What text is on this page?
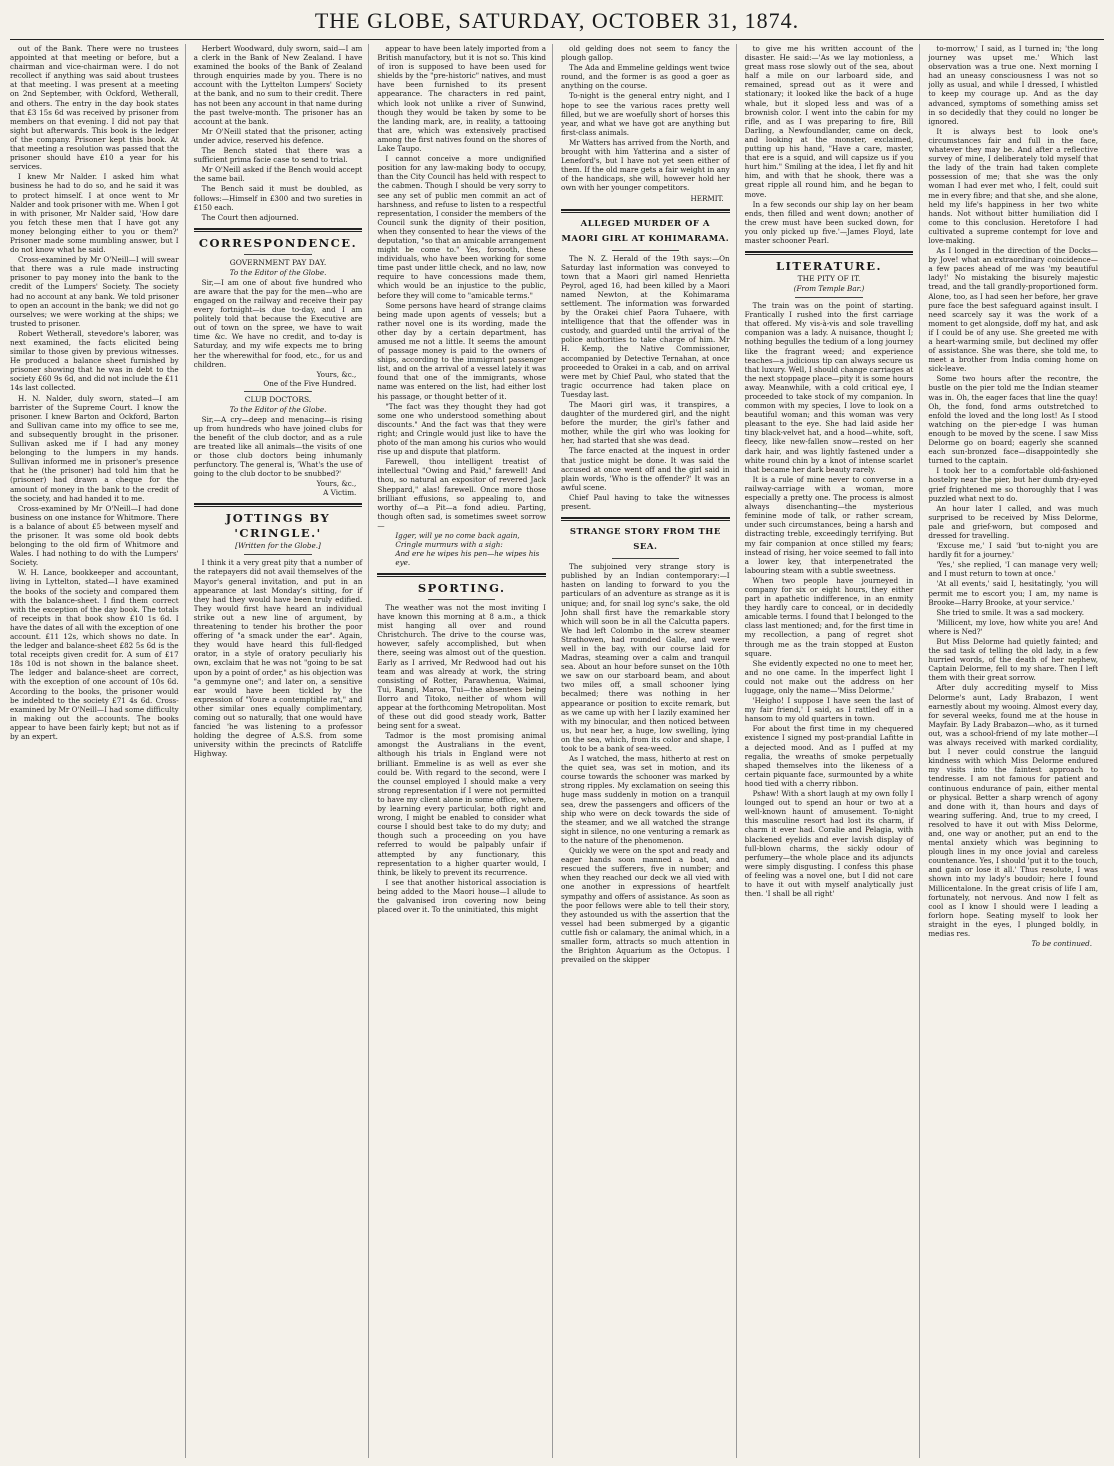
THE GLOBE, SATURDAY, OCTOBER 31, 1874.

out of the Bank. There were no trustees appointed at that meeting or before, but a chairman and vice-chairman were. I do not recollect if anything was said about trustees at that meeting. I was present at a meeting on 2nd September, with Ockford, Wetherall, and others. The entry in the day book states that £3 15s 6d was received by prisoner from members on that evening. I did not pay that sight but afterwards. This book is the ledger of the company. Prisoner kept this book. At that meeting a resolution was passed that the prisoner should have £10 a year for his services.

I knew Mr Nalder. I asked him what business he had to do so, and he said it was to protect himself. I at once went to Mr Nalder and took prisoner with me. When I got in with prisoner, Mr Nalder said, 'How dare you fetch these men that I have got any money belonging either to you or them?' Prisoner made some mumbling answer, but I do not know what he said.

Cross-examined by Mr O'Neill—I will swear that there was a rule made instructing prisoner to pay money into the bank to the credit of the Lumpers' Society. The society had no account at any bank. We told prisoner to open an account in the bank; we did not go ourselves; we were working at the ships; we trusted to prisoner.

Robert Wetherall, stevedore's laborer, was next examined, the facts elicited being similar to those given by previous witnesses. He produced a balance sheet furnished by prisoner showing that he was in debt to the society £60 9s 6d, and did not include the £11 14s last collected.

H. N. Nalder, duly sworn, stated—I am barrister of the Supreme Court. I know the prisoner. I knew Barton and Ockford, Barton and Sullivan came into my office to see me, and subsequently brought in the prisoner. Sullivan asked me if I had any money belonging to the lumpers in my hands. Sullivan informed me in prisoner's presence that he (the prisoner) had told him that he (prisoner) had drawn a cheque for the amount of money in the bank to the credit of the society, and had handed it to me.

Cross-examined by Mr O'Neill—I had done business on one instance for Whitmore. There is a balance of about £5 between myself and the prisoner. It was some old book debts belonging to the old firm of Whitmore and Wales. I had nothing to do with the Lumpers' Society.

W. H. Lance, bookkeeper and accountant, living in Lyttelton, stated—I have examined the books of the society and compared them with the balance-sheet. I find them correct with the exception of the day book. The totals of receipts in that book show £10 1s 6d. I have the dates of all with the exception of one account. £11 12s, which shows no date. In the ledger and balance-sheet £82 5s 6d is the total receipts given credit for. A sum of £17 18s 10d is not shown in the balance sheet. The ledger and balance-sheet are correct, with the exception of one account of 10s 6d. According to the books, the prisoner would be indebted to the society £71 4s 6d. Cross-examined by Mr O'Neill—I had some difficulty in making out the accounts. The books appear to have been fairly kept; but not as if by an expert.

Herbert Woodward, duly sworn, said—I am a clerk in the Bank of New Zealand. I have examined the books of the Bank of Zealand through enquiries made by you. There is no account with the Lyttelton Lumpers' Society at the bank, and no sum to their credit. There has not been any account in that name during the past twelve-month. The prisoner has an account at the bank.

Mr O'Neill stated that the prisoner, acting under advice, reserved his defence.

The Bench stated that there was a sufficient prima facie case to send to trial.

Mr O'Neill asked if the Bench would accept the same bail.

The Bench said it must be doubled, as follows:—Himself in £300 and two sureties in £150 each.

The Court then adjourned.

CORRESPONDENCE.
GOVERNMENT PAY DAY.
To the Editor of the Globe.

Sir,—I am one of about five hundred who are aware that the pay for the men—who are engaged on the railway and receive their pay every fortnight—is due to-day, and I am politely told that because the Executive are out of town on the spree, we have to wait time &c. We have no credit, and to-day is Saturday, and my wife expects me to bring her the wherewithal for food, etc., for us and children.

Yours, &c.,
One of the Five Hundred.
CLUB DOCTORS.
To the Editor of the Globe.

Sir,—A cry—deep and menacing—is rising up from hundreds who have joined clubs for the benefit of the club doctor, and as a rule are treated like all animals—the visits of one or those club doctors being inhumanly perfunctory. The general is, 'What's the use of going to the club doctor to be snubbed?'

Yours, &c.,
A Victim.
JOTTINGS BY 'CRINGLE.'
[Written for the Globe.]

I think it a very great pity that a number of the ratepayers did not avail themselves of the Mayor's general invitation, and put in an appearance at last Monday's sitting, for if they had they would have been truly edified. They would first have heard an individual strike out a new line of argument, by threatening to tender his brother the poor offering of "a smack under the ear". Again, they would have heard this full-fledged orator, in a style of oratory peculiarly his own, exclaim that he was not "going to be sat upon by a point of order," as his objection was "a gemmyne one"; and later on, a sensitive ear would have been tickled by the expression of "Youre a contemptible rat," and other similar ones equally complimentary, coming out so naturally, that one would have fancied 'he was listening to a professor holding the degree of A.S.S. from some university within the precincts of Ratcliffe Highway.

appear to have been lately imported from a British manufactory, but it is not so. This kind of iron is supposed to have been used for shields by the "pre-historic" natives, and must have been furnished to its present appearance. The characters in red paint, which look not unlike a river of Sunwind, though they would be taken by some to be the landing mark, are, in reality, a tattooing that are, which was extensively practised among the first natives found on the shores of Lake Taupo.

I cannot conceive a more undignified position for any law-making body to occupy, than the City Council has held with respect to the cabmen. Though I should be very sorry to see any set of public men commit an act of harshness, and refuse to listen to a respectful representation, I consider the members of the Council sunk the dignity of their position, when they consented to hear the views of the deputation, "so that an amicable arrangement might be come to." Yes, forsooth, these individuals, who have been working for some time past under little check, and no law, now require to have concessions made them, which would be an injustice to the public, before they will come to "amicable terms."

Some persons have heard of strange claims being made upon agents of vessels; but a rather novel one is its wording, made the other day by a certain department, has amused me not a little. It seems the amount of passage money is paid to the owners of ships, according to the immigrant passenger list, and on the arrival of a vessel lately it was found that one of the immigrants, whose name was entered on the list, had either lost his passage, or thought better of it.

"The fact was they thought they had got some one who understood something about discounts." And the fact was that they were right; and Cringle would just like to have the photo of the man among his curios who would rise up and dispute that platform.

Farewell, thou intelligent treatist of intellectual "Owing and Paid," farewell! And thou, so natural an expositor of revered Jack Sheppard," alas! farewell. Once more those brilliant effusions, so appealing to, and worthy of—a Pit—a fond adieu. Parting, though often sad, is sometimes sweet sorrow—

Igger, will ye no come back again, Cringle murmurs with a sigh:
And ere he wipes his pen—he wipes his eye.
SPORTING.

The weather was not the most inviting I have known this morning at 8 a.m., a thick mist hanging all over and round Christchurch. The drive to the course was, however, safely accomplished, but when there, seeing was almost out of the question. Early as I arrived, Mr Redwood had out his team and was already at work, the string consisting of Rotter, Parawhenua, Waimai, Tui, Rangi, Maroa, Tui—the absentees being Ilorro and Titoko, neither of whom will appear at the forthcoming Metropolitan. Most of these out did good steady work, Batter being sent for a sweat.

Tadmor is the most promising animal amongst the Australians in the event, although his trials in England were not brilliant. Emmeline is as well as ever she could be. With regard to the second, were I the counsel employed I should make a very strong representation if I were not permitted to have my client alone in some office, where, by learning every particular, both right and wrong, I might be enabled to consider what course I should best take to do my duty; and though such a proceeding on you have referred to would be palpably unfair if attempted by any functionary, this representation to a higher quarter would, I think, be likely to prevent its recurrence.

I see that another historical association is being added to the Maori house—I allude to the galvanised iron covering now being placed over it. To the uninitiated, this might

old gelding does not seem to fancy the plough gallop.

The Ada and Emmeline geldings went twice round, and the former is as good a goer as anything on the course.

To-night is the general entry night, and I hope to see the various races pretty well filled, but we are woefully short of horses this year, and what we have got are anything but first-class animals.

Mr Watters has arrived from the North, and brought with him Yatterina and a sister of Leneford's, but I have not yet seen either of them. If the old mare gets a fair weight in any of the handicaps, she will, however hold her own with her younger competitors.

HERMIT.
ALLEGED MURDER OF A MAORI GIRL AT KOHIMARAMA.

The N. Z. Herald of the 19th says:—On Saturday last information was conveyed to town that a Maori girl named Henrietta Peyrol, aged 16, had been killed by a Maori named Newton, at the Kohimarama settlement. The information was forwarded by the Orakei chief Paora Tuhaere, with intelligence that that the offender was in custody, and guarded until the arrival of the police authorities to take charge of him. Mr H. Kemp, the Native Commissioner, accompanied by Detective Ternahan, at once proceeded to Orakei in a cab, and on arrival were met by Chief Paul, who stated that the tragic occurrence had taken place on Tuesday last.

The Maori girl was, it transpires, a daughter of the murdered girl, and the night before the murder, the girl's father and mother, while the girl who was looking for her, had started that she was dead.

The farce enacted at the inquest in order that justice might be done. It was said the accused at once went off and the girl said in plain words, 'Who is the offender?' It was an awful scene.

Chief Paul having to take the witnesses present.

STRANGE STORY FROM THE SEA.

The subjoined very strange story is published by an Indian contemporary:—I hasten on landing to forward to you the particulars of an adventure as strange as it is unique; and, for snail log sync's sake, the old John shall first have the remarkable story which will soon be in all the Calcutta papers. We had left Colombo in the screw steamer Strathowen, had rounded Galle, and were well in the bay, with our course laid for Madras, steaming over a calm and tranquil sea. About an hour before sunset on the 10th we saw on our starboard beam, and about two miles off, a small schooner lying becalmed; there was nothing in her appearance or position to excite remark, but as we came up with her I lazily examined her with my binocular, and then noticed between us, but near her, a huge, low swelling, lying on the sea, which, from its color and shape, I took to be a bank of sea-weed.

As I watched, the mass, hitherto at rest on the quiet sea, was set in motion, and its course towards the schooner was marked by strong ripples. My exclamation on seeing this huge mass suddenly in motion on a tranquil sea, drew the passengers and officers of the ship who were on deck towards the side of the steamer, and we all watched the strange sight in silence, no one venturing a remark as to the nature of the phenomenon.

Quickly we were on the spot and ready and eager hands soon manned a boat, and rescued the sufferers, five in number; and when they reached our deck we all vied with one another in expressions of heartfelt sympathy and offers of assistance. As soon as the poor fellows were able to tell their story, they astounded us with the assertion that the vessel had been submerged by a gigantic cuttle fish or calamary, the animal which, in a smaller form, attracts so much attention in the Brighton Aquarium as the Octopus. I prevailed on the skipper

to give me his written account of the disaster. He said:—'As we lay motionless, a great mass rose slowly out of the sea, about half a mile on our larboard side, and remained, spread out as it were and stationary; it looked like the back of a huge whale, but it sloped less and was of a brownish color. I went into the cabin for my rifle, and as I was preparing to fire, Bill Darling, a Newfoundlander, came on deck, and looking at the monster, exclaimed, putting up his hand, "Have a care, master, that ere is a squid, and will capsize us if you hurt him." Smiling at the idea, I let fly and hit him, and with that he shook, there was a great ripple all round him, and he began to move.

In a few seconds our ship lay on her beam ends, then filled and went down; another of the crew must have been sucked down, for you only picked up five.'—James Floyd, late master schooner Pearl.

LITERATURE.
THE PITY OF IT.
(From Temple Bar.)

The train was on the point of starting. Frantically I rushed into the first carriage that offered. My vis-à-vis and sole travelling companion was a lady. A nuisance, thought I; nothing begulles the tedium of a long journey like the fragrant weed; and experience teaches—a judicious tip can always secure us that luxury. Well, I should change carriages at the next stoppage place—pity it is some hours away. Meanwhile, with a cold critical eye, I proceeded to take stock of my companion. In common with my species, I love to look on a beautiful woman; and this woman was very pleasant to the eye. She had laid aside her tiny black-velvet hat, and a hood—white, soft, fleecy, like new-fallen snow—rested on her dark hair, and was lightly fastened under a white round chin by a knot of intense scarlet that became her dark beauty rarely.

It is a rule of mine never to converse in a railway-carriage with a woman, more especially a pretty one. The process is almost always disenchanting—the mysterious feminine mode of talk, or rather scream, under such circumstances, being a harsh and distracting treble, exceedingly terrifying. But my fair companion at once stilled my fears; instead of rising, her voice seemed to fall into a lower key, that interpenetrated the labouring steam with a subtle sweetness.

When two people have journeyed in company for six or eight hours, they either part in apathetic indifference, in an enmity they hardly care to conceal, or in decidedly amicable terms. I found that I belonged to the class last mentioned; and, for the first time in my recollection, a pang of regret shot through me as the train stopped at Euston square.

She evidently expected no one to meet her, and no one came. In the imperfect light I could not make out the address on her luggage, only the name—'Miss Delorme.'

'Heigho! I suppose I have seen the last of my fair friend,' I said, as I rattled off in a hansom to my old quarters in town.

For about the first time in my chequered existence I signed my post-prandial Lafitte in a dejected mood. And as I puffed at my regalia, the wreaths of smoke perpetually shaped themselves into the likeness of a certain piquante face, surmounted by a white hood tied with a cherry ribbon.

Pshaw! With a short laugh at my own folly I lounged out to spend an hour or two at a well-known haunt of amusement. To-night this masculine resort had lost its charm, if charm it ever had. Coralie and Pelagia, with blackened eyelids and ever lavish display of full-blown charms, the sickly odour of perfumery—the whole place and its adjuncts were simply disgusting. I confess this phase of feeling was a novel one, but I did not care to have it out with myself analytically just then. 'I shall be all right'

to-morrow,' I said, as I turned in; 'the long journey was upset me.' Which last observation was a true one. Next morning I had an uneasy consciousness I was not so jolly as usual, and while I dressed, I whistled to keep my courage up. And as the day advanced, symptoms of something amiss set in so decidedly that they could no longer be ignored.

It is always best to look one's circumstances fair and full in the face, whatever they may be. And after a reflective survey of mine, I deliberately told myself that the lady of the train had taken complete possession of me; that she was the only woman I had ever met who, I felt, could suit me in every fibre; and that she, and she alone, held my life's happiness in her two white hands. Not without bitter humiliation did I come to this conclusion. Heretofore I had cultivated a supreme contempt for love and love-making.

As I longed in the direction of the Docks—by Jove! what an extraordinary coincidence—a few paces ahead of me was 'my beautiful lady!' No mistaking the bisurely majestic tread, and the tall grandly-proportioned form. Alone, too, as I had seen her before, her grave pure face the best safeguard against insult. I need scarcely say it was the work of a moment to get alongside, doff my hat, and ask if I could be of any use. She greeted me with a heart-warming smile, but declined my offer of assistance. She was there, she told me, to meet a brother from India coming home on sick-leave.

Some two hours after the recontre, the bustle on the pier told me the Indian steamer was in. Oh, the eager faces that line the quay! Oh, the fond, fond arms outstretched to enfold the loved and the long lost! As I stood watching on the pier-edge I was human enough to be moved by the scene. I saw Miss Delorme go on board; eagerly she scanned each sun-bronzed face—disappointedly she turned to the captain.

I took her to a comfortable old-fashioned hostelry near the pier, but her dumb dry-eyed grief frightened me so thoroughly that I was puzzled what next to do.

An hour later I called, and was much surprised to be received by Miss Delorme, pale and grief-worn, but composed and dressed for travelling.

'Excuse me,' I said 'but to-night you are hardly fit for a journey.'

'Yes,' she replied, 'I can manage very well; and I must return to town at once.'

'At all events,' said I, hesitatingly, 'you will permit me to escort you; I am, my name is Brooke—Harry Brooke, at your service.'

She tried to smile. It was a sad mockery.

'Millicent, my love, how white you are! And where is Ned?'

But Miss Delorme had quietly fainted; and the sad task of telling the old lady, in a few hurried words, of the death of her nephew, Captain Delorme, fell to my share. Then I left them with their great sorrow.

After duly accrediting myself to Miss Delorme's aunt, Lady Brabazon, I went earnestly about my wooing. Almost every day, for several weeks, found me at the house in Mayfair. By Lady Brabazon—who, as it turned out, was a school-friend of my late mother—I was always received with marked cordiality, but I never could construe the languid kindness with which Miss Delorme endured my visits into the faintest approach to tendresse. I am not famous for patient and continuous endurance of pain, either mental or physical. Better a sharp wrench of agony and done with it, than hours and days of wearing suffering. And, true to my creed, I resolved to have it out with Miss Delorme, and, one way or another, put an end to the mental anxiety which was beginning to plough lines in my once jovial and careless countenance. Yes, I should 'put it to the touch, and gain or lose it all.' Thus resolute, I was shown into my lady's boudoir; here I found Millicentalone. In the great crisis of life I am, fortunately, not nervous. And now I felt as cool as I know I should were I leading a forlorn hope. Seating myself to look her straight in the eyes, I plunged boldly, in medias res.

To be continued.
